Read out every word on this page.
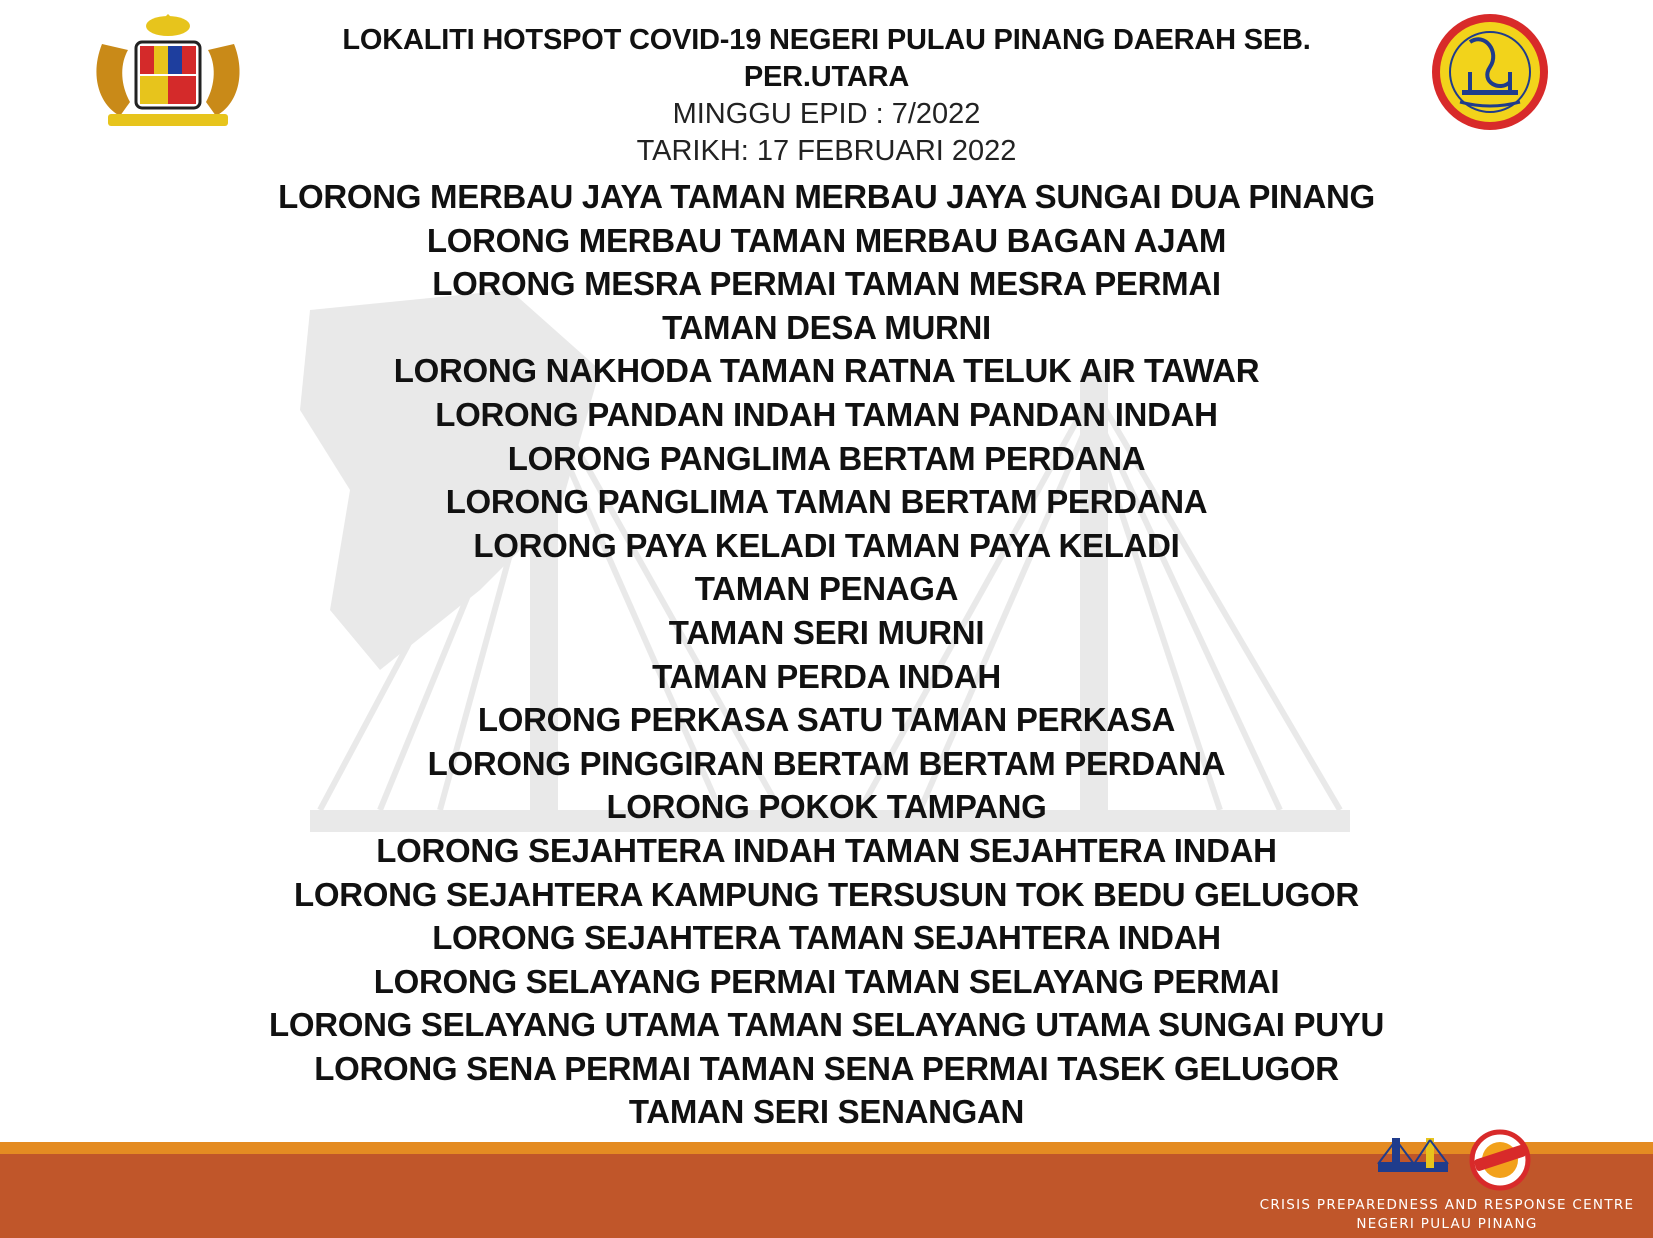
LOKALITI HOTSPOT COVID-19 NEGERI PULAU PINANG DAERAH SEB.
PER.UTARA
MINGGU EPID : 7/2022
TARIKH: 17 FEBRUARI 2022
LORONG MERBAU JAYA TAMAN MERBAU JAYA SUNGAI DUA PINANG
LORONG MERBAU TAMAN MERBAU BAGAN AJAM
LORONG MESRA PERMAI TAMAN MESRA PERMAI
TAMAN DESA MURNI
LORONG NAKHODA TAMAN RATNA TELUK AIR TAWAR
LORONG PANDAN INDAH TAMAN PANDAN INDAH
LORONG PANGLIMA BERTAM PERDANA
LORONG PANGLIMA TAMAN BERTAM PERDANA
LORONG PAYA KELADI TAMAN PAYA KELADI
TAMAN PENAGA
TAMAN SERI MURNI
TAMAN PERDA INDAH
LORONG PERKASA SATU TAMAN PERKASA
LORONG PINGGIRAN BERTAM BERTAM PERDANA
LORONG POKOK TAMPANG
LORONG SEJAHTERA INDAH TAMAN SEJAHTERA INDAH
LORONG SEJAHTERA KAMPUNG TERSUSUN TOK BEDU GELUGOR
LORONG SEJAHTERA TAMAN SEJAHTERA INDAH
LORONG SELAYANG PERMAI TAMAN SELAYANG PERMAI
LORONG SELAYANG UTAMA TAMAN SELAYANG UTAMA SUNGAI PUYU
LORONG SENA PERMAI TAMAN SENA PERMAI TASEK GELUGOR
TAMAN SERI SENANGAN
CRISIS PREPAREDNESS AND RESPONSE CENTRE
NEGERI PULAU PINANG
